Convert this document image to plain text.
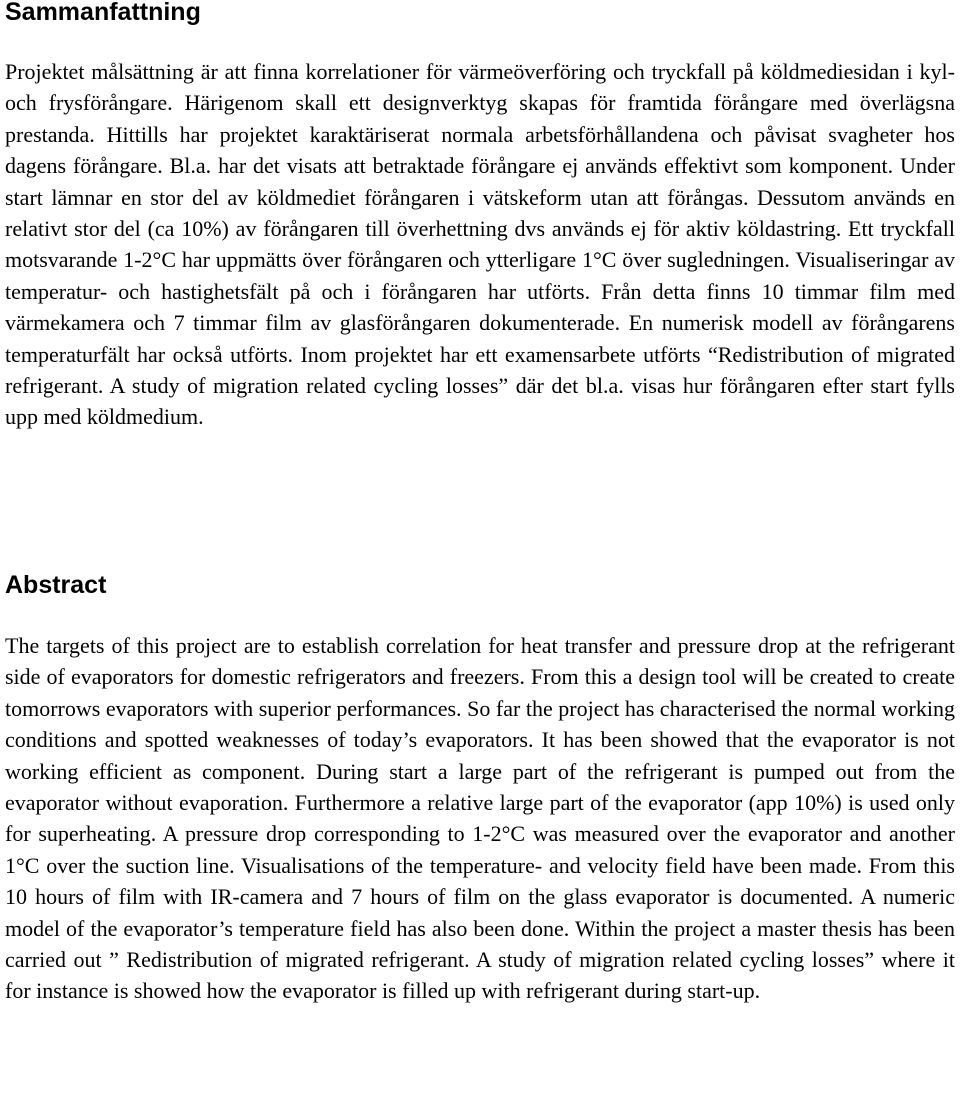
Sammanfattning

Projektet målsättning är att finna korrelationer för värmeöverföring och tryckfall på köldmediesidan i kyl- och frysförångare. Härigenom skall ett designverktyg skapas för framtida förångare med överlägsna prestanda. Hittills har projektet karaktäriserat normala arbetsförhållandena och påvisat svagheter hos dagens förångare. Bl.a. har det visats att betraktade förångare ej används effektivt som komponent. Under start lämnar en stor del av köldmediet förångaren i vätskeform utan att förångas. Dessutom används en relativt stor del (ca 10%) av förångaren till överhettning dvs används ej för aktiv köldastring. Ett tryckfall motsvarande 1-2°C har uppmätts över förångaren och ytterligare 1°C över sugledningen. Visualiseringar av temperatur- och hastighetsfält på och i förångaren har utförts. Från detta finns 10 timmar film med värmekamera och 7 timmar film av glasförångaren dokumenterade. En numerisk modell av förångarens temperaturfält har också utförts. Inom projektet har ett examensarbete utförts “Redistribution of migrated refrigerant. A study of migration related cycling losses” där det bl.a. visas hur förångaren efter start fylls upp med köldmedium.

Abstract

The targets of this project are to establish correlation for heat transfer and pressure drop at the refrigerant side of evaporators for domestic refrigerators and freezers. From this a design tool will be created to create tomorrows evaporators with superior performances. So far the project has characterised the normal working conditions and spotted weaknesses of today’s evaporators. It has been showed that the evaporator is not working efficient as component. During start a large part of the refrigerant is pumped out from the evaporator without evaporation. Furthermore a relative large part of the evaporator (app 10%) is used only for superheating. A pressure drop corresponding to 1-2°C was measured over the evaporator and another 1°C over the suction line. Visualisations of the temperature- and velocity field have been made. From this 10 hours of film with IR-camera and 7 hours of film on the glass evaporator is documented. A numeric model of the evaporator’s temperature field has also been done. Within the project a master thesis has been carried out ” Redistribution of migrated refrigerant. A study of migration related cycling losses” where it for instance is showed how the evaporator is filled up with refrigerant during start-up.
